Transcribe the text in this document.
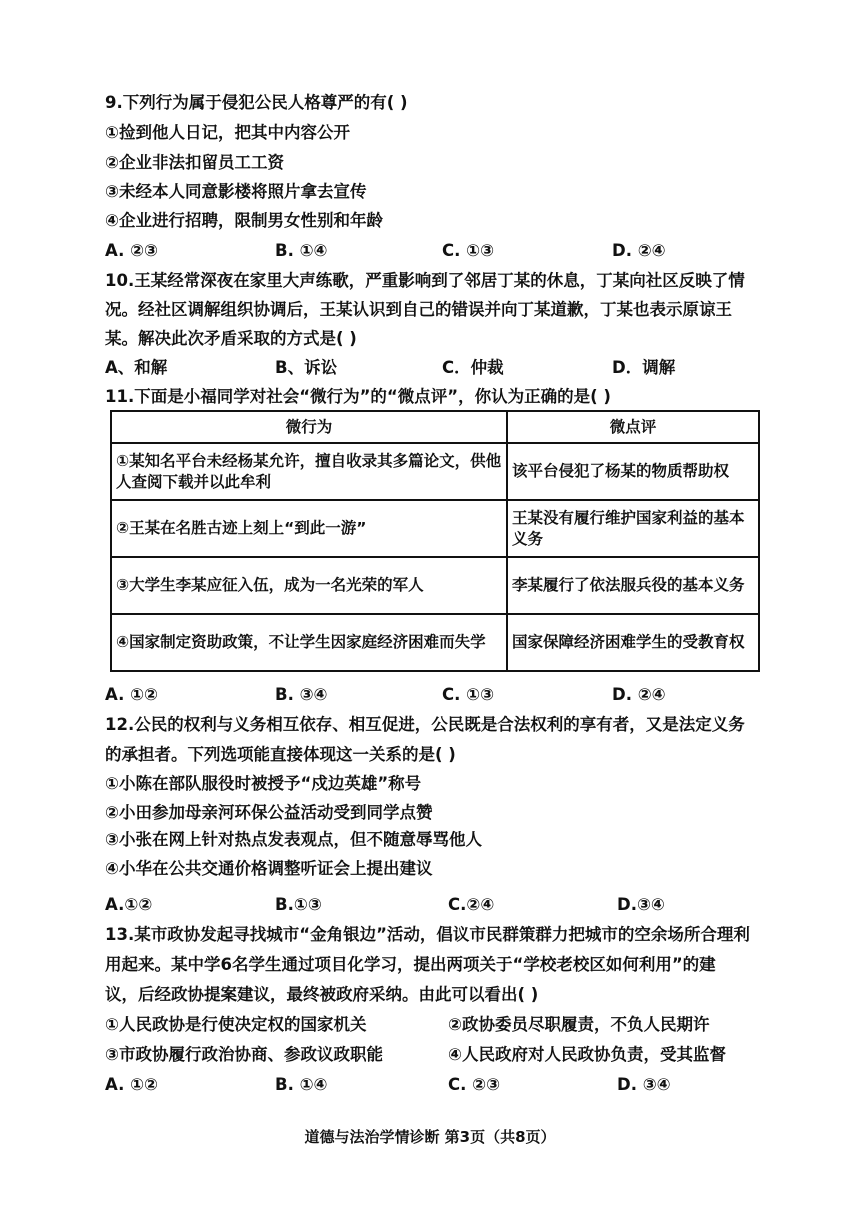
9.下列行为属于侵犯公民人格尊严的有( )
①捡到他人日记，把其中内容公开
②企业非法扣留员工工资
③未经本人同意影楼将照片拿去宣传
④企业进行招聘，限制男女性别和年龄
A. ②③	B. ①④	C. ①③	D. ②④
10.王某经常深夜在家里大声练歌，严重影响到了邻居丁某的休息，丁某向社区反映了情
况。经社区调解组织协调后，王某认识到自己的错误并向丁某道歉，丁某也表示原谅王
某。解决此次矛盾采取的方式是( )
A、和解	B、诉讼	C．仲裁	D．调解
11.下面是小福同学对社会“微行为”的“微点评”，你认为正确的是( )
微行为	微点评
①某知名平台未经杨某允许，擅自收录其多篇论文，供他人查阅下载并以此牟利	该平台侵犯了杨某的物质帮助权
②王某在名胜古迹上刻上“到此一游”	王某没有履行维护国家利益的基本义务
③大学生李某应征入伍，成为一名光荣的军人	李某履行了依法服兵役的基本义务
④国家制定资助政策，不让学生因家庭经济困难而失学	国家保障经济困难学生的受教育权
A. ①②	B. ③④	C. ①③	D. ②④
12.公民的权利与义务相互依存、相互促进，公民既是合法权利的享有者，又是法定义务
的承担者。下列选项能直接体现这一关系的是( )
①小陈在部队服役时被授予“戍边英雄”称号
②小田参加母亲河环保公益活动受到同学点赞
③小张在网上针对热点发表观点，但不随意辱骂他人
④小华在公共交通价格调整听证会上提出建议
A.①②	B.①③	C.②④	D.③④
13.某市政协发起寻找城市“金角银边”活动，倡议市民群策群力把城市的空余场所合理利
用起来。某中学6名学生通过项目化学习，提出两项关于“学校老校区如何利用”的建
议，后经政协提案建议，最终被政府采纳。由此可以看出( )
①人民政协是行使决定权的国家机关	②政协委员尽职履责，不负人民期许
③市政协履行政治协商、参政议政职能	④人民政府对人民政协负责，受其监督
A. ①②	B. ①④	C. ②③	D. ③④
道德与法治学情诊断 第3页（共8页）
